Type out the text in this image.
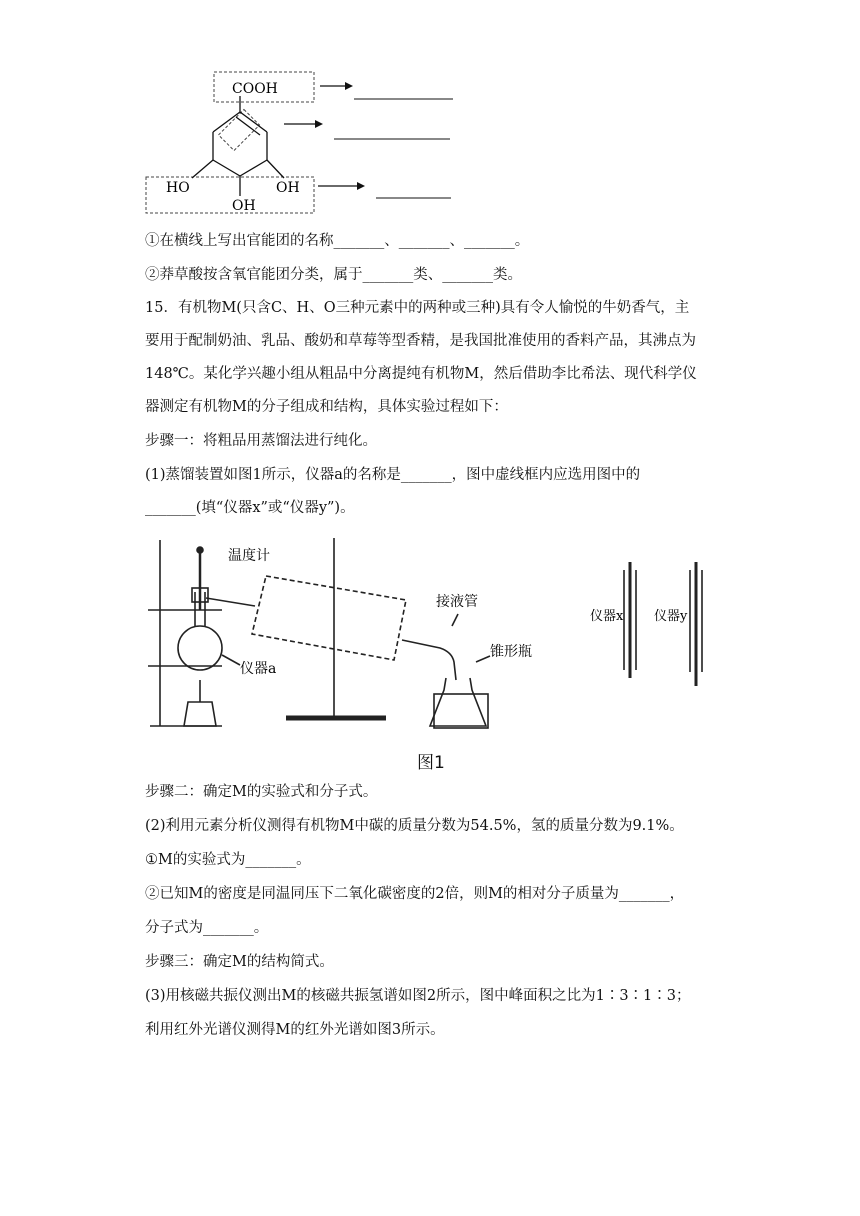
COOH
HO	OH
OH
①在横线上写出官能团的名称_______、_______、_______。
②莽草酸按含氧官能团分类，属于_______类、_______类。
15．有机物M(只含C、H、O三种元素中的两种或三种)具有令人愉悦的牛奶香气，主
要用于配制奶油、乳品、酸奶和草莓等型香精，是我国批准使用的香料产品，其沸点为
148℃。某化学兴趣小组从粗品中分离提纯有机物M，然后借助李比希法、现代科学仪
器测定有机物M的分子组成和结构，具体实验过程如下：
步骤一：将粗品用蒸馏法进行纯化。
(1)蒸馏装置如图1所示，仪器a的名称是_______，图中虚线框内应选用图中的
_______(填“仪器x”或“仪器y”)。
温度计
仪器a
接液管
锥形瓶
仪器x 仪器y
图1
步骤二：确定M的实验式和分子式。
(2)利用元素分析仪测得有机物M中碳的质量分数为54.5%，氢的质量分数为9.1%。
①M的实验式为_______。
②已知M的密度是同温同压下二氧化碳密度的2倍，则M的相对分子质量为_______，
分子式为_______。
步骤三：确定M的结构简式。
(3)用核磁共振仪测出M的核磁共振氢谱如图2所示，图中峰面积之比为1∶3∶1∶3；
利用红外光谱仪测得M的红外光谱如图3所示。
